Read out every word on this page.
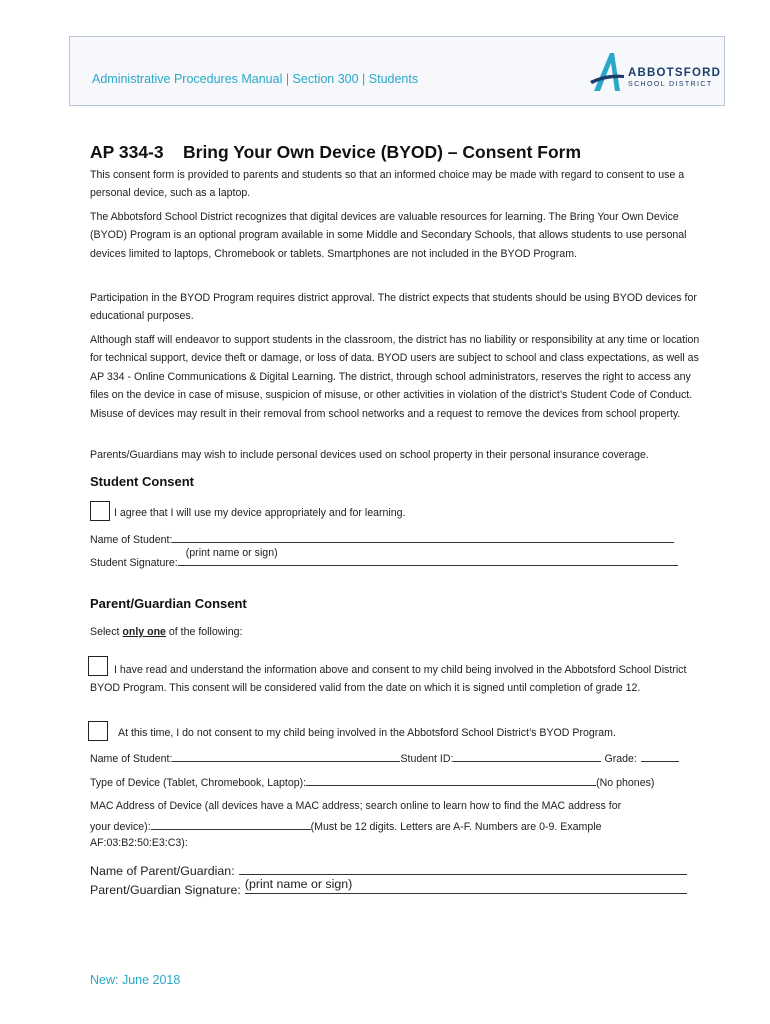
Administrative Procedures Manual | Section 300 | Students	ABBOTSFORD
SCHOOL DISTRICT
AP 334-3 Bring Your Own Device (BYOD) – Consent Form
This consent form is provided to parents and students so that an informed choice may be made with regard to consent to use a personal device, such as a laptop.
The Abbotsford School District recognizes that digital devices are valuable resources for learning. The Bring Your Own Device (BYOD) Program is an optional program available in some Middle and Secondary Schools, that allows students to use personal devices limited to laptops, Chromebook or tablets. Smartphones are not included in the BYOD Program.
Participation in the BYOD Program requires district approval. The district expects that students should be using BYOD devices for educational purposes.
Although staff will endeavor to support students in the classroom, the district has no liability or responsibility at any time or location for technical support, device theft or damage, or loss of data. BYOD users are subject to school and class expectations, as well as AP 334 - Online Communications & Digital Learning. The district, through school administrators, reserves the right to access any files on the device in case of misuse, suspicion of misuse, or other activities in violation of the district’s Student Code of Conduct. Misuse of devices may result in their removal from school networks and a request to remove the devices from school property.
Parents/Guardians may wish to include personal devices used on school property in their personal insurance coverage.
Student Consent
I agree that I will use my device appropriately and for learning.
Name of Student:
Student Signature:
(print name or sign)
Parent/Guardian Consent
Select only one of the following:
I have read and understand the information above and consent to my child being involved in the Abbotsford School District BYOD Program. This consent will be considered valid from the date on which it is signed until completion of grade 12.
At this time, I do not consent to my child being involved in the Abbotsford School District’s BYOD Program.
Name of Student:	Student ID:	Grade:
Type of Device (Tablet, Chromebook, Laptop):	(No phones)
MAC Address of Device (all devices have a MAC address; search online to learn how to find the MAC address for
your device):	(Must be 12 digits. Letters are A-F. Numbers are 0-9. Example
AF:03:B2:50:E3:C3):
Name of Parent/Guardian:
Parent/Guardian Signature: (print name or sign)
New: June 2018
